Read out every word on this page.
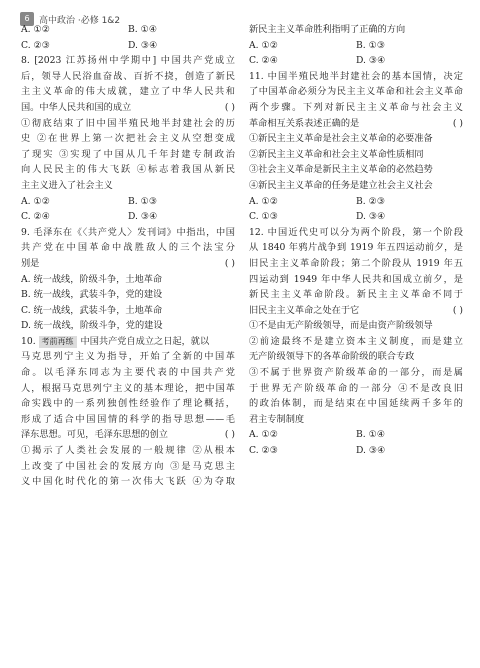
6	高中政治 ·必修 1&2
A. ①②	B. ①④
C. ②③	D. ③④
8. [2023 江苏扬州中学期中] 中国共产党成立
后，领导人民浴血奋战、百折不挠，创造了新民
主主义革命的伟大成就，建立了中华人民共和
国。中华人民共和国的成立	( )
①彻底结束了旧中国半殖民地半封建社会的历
史 ②在世界上第一次把社会主义从空想变成
了现实 ③实现了中国从几千年封建专制政治
向人民民主的伟大飞跃 ④标志着我国从新民
主主义进入了社会主义
A. ①②	B. ①③
C. ②④	D. ③④
9. 毛泽东在《〈共产党人〉发刊词》中指出，中国
共产党在中国革命中战胜敌人的三个法宝分
别是	( )
A. 统一战线，阶级斗争，土地革命
B. 统一战线，武装斗争，党的建设
C. 统一战线，武装斗争，土地革命
D. 统一战线，阶级斗争，党的建设
10. 考前再练 中国共产党自成立之日起，就以
马克思列宁主义为指导，开始了全新的中国革
命。以毛泽东同志为主要代表的中国共产党
人，根据马克思列宁主义的基本理论，把中国革
命实践中的一系列独创性经验作了理论概括，
形成了适合中国国情的科学的指导思想——毛
泽东思想。可见，毛泽东思想的创立	( )
①揭示了人类社会发展的一般规律 ②从根本
上改变了中国社会的发展方向 ③是马克思主
义中国化时代化的第一次伟大飞跃 ④为夺取
新民主主义革命胜利指明了正确的方向
A. ①②	B. ①③
C. ②④	D. ③④
11. 中国半殖民地半封建社会的基本国情，决定
了中国革命必须分为民主主义革命和社会主义革命
两个步骤。下列对新民主主义革命与社会主义
革命相互关系表述正确的是	( )
①新民主主义革命是社会主义革命的必要准备
②新民主主义革命和社会主义革命性质相同
③社会主义革命是新民主主义革命的必然趋势
④新民主主义革命的任务是建立社会主义社会
A. ①②	B. ②③
C. ①③	D. ③④
12. 中国近代史可以分为两个阶段，第一个阶段
从 1840 年鸦片战争到 1919 年五四运动前夕，是
旧民主主义革命阶段；第二个阶段从 1919 年五
四运动到 1949 年中华人民共和国成立前夕，是
新民主主义革命阶段。新民主主义革命不同于
旧民主主义革命之处在于它	( )
①不是由无产阶级领导，而是由资产阶级领导
②前途最终不是建立资本主义制度，而是建立
无产阶级领导下的各革命阶级的联合专政
③不属于世界资产阶级革命的一部分，而是属
于世界无产阶级革命的一部分 ④不是改良旧
的政治体制，而是结束在中国延续两千多年的
君主专制制度
A. ①②	B. ①④
C. ②③	D. ③④
